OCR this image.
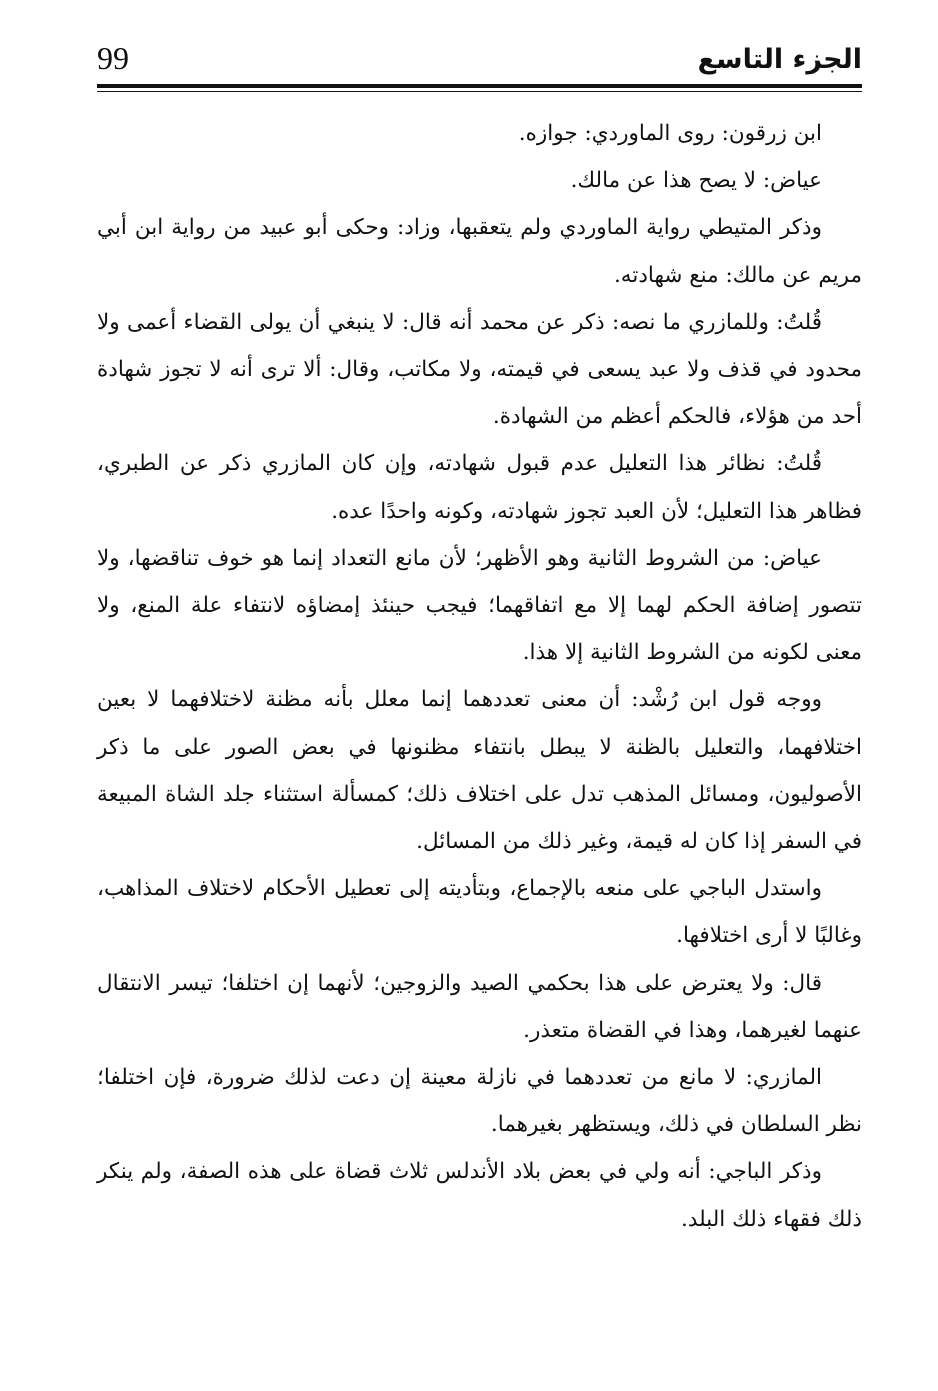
99	الجزء التاسع

ابن زرقون: روى الماوردي: جوازه.

عياض: لا يصح هذا عن مالك.

وذكر المتيطي رواية الماوردي ولم يتعقبها، وزاد: وحكى أبو عبيد من رواية ابن أبي مريم عن مالك: منع شهادته.

قُلتُ: وللمازري ما نصه: ذكر عن محمد أنه قال: لا ينبغي أن يولى القضاء أعمى ولا محدود في قذف ولا عبد يسعى في قيمته، ولا مكاتب، وقال: ألا ترى أنه لا تجوز شهادة أحد من هؤلاء، فالحكم أعظم من الشهادة.

قُلتُ: نظائر هذا التعليل عدم قبول شهادته، وإن كان المازري ذكر عن الطبري، فظاهر هذا التعليل؛ لأن العبد تجوز شهادته، وكونه واحدًا عده.

عياض: من الشروط الثانية وهو الأظهر؛ لأن مانع التعداد إنما هو خوف تناقضها، ولا تتصور إضافة الحكم لهما إلا مع اتفاقهما؛ فيجب حينئذ إمضاؤه لانتفاء علة المنع، ولا معنى لكونه من الشروط الثانية إلا هذا.

ووجه قول ابن رُشْد: أن معنى تعددهما إنما معلل بأنه مظنة لاختلافهما لا بعين اختلافهما، والتعليل بالظنة لا يبطل بانتفاء مظنونها في بعض الصور على ما ذكر الأصوليون، ومسائل المذهب تدل على اختلاف ذلك؛ كمسألة استثناء جلد الشاة المبيعة في السفر إذا كان له قيمة، وغير ذلك من المسائل.

واستدل الباجي على منعه بالإجماع، وبتأديته إلى تعطيل الأحكام لاختلاف المذاهب، وغالبًا لا أرى اختلافها.

قال: ولا يعترض على هذا بحكمي الصيد والزوجين؛ لأنهما إن اختلفا؛ تيسر الانتقال عنهما لغيرهما، وهذا في القضاة متعذر.

المازري: لا مانع من تعددهما في نازلة معينة إن دعت لذلك ضرورة، فإن اختلفا؛ نظر السلطان في ذلك، ويستظهر بغيرهما.

وذكر الباجي: أنه ولي في بعض بلاد الأندلس ثلاث قضاة على هذه الصفة، ولم ينكر ذلك فقهاء ذلك البلد.
